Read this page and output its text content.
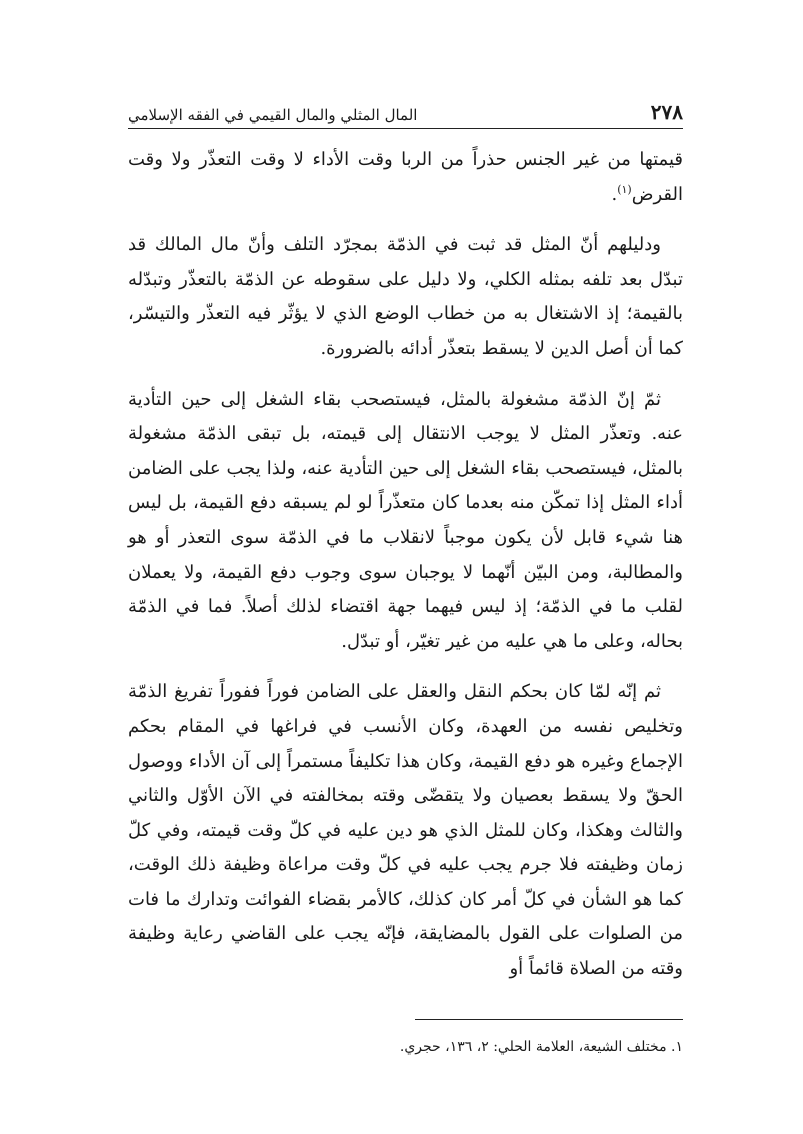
٢٧٨
المال المثلي والمال القيمي في الفقه الإسلامي

قيمتها من غير الجنس حذراً من الربا وقت الأداء لا وقت التعذّر ولا وقت القرض$^{(١)}$.

ودليلهم أنّ المثل قد ثبت في الذمّة بمجرّد التلف وأنّ مال المالك قد تبدّل بعد تلفه بمثله الكلي، ولا دليل على سقوطه عن الذمّة بالتعذّر وتبدّله بالقيمة؛ إذ الاشتغال به من خطاب الوضع الذي لا يؤثّر فيه التعذّر والتيسّر، كما أن أصل الدين لا يسقط بتعذّر أدائه بالضرورة.

ثمّ إنّ الذمّة مشغولة بالمثل، فيستصحب بقاء الشغل إلى حين التأدية عنه. وتعذّر المثل لا يوجب الانتقال إلى قيمته، بل تبقى الذمّة مشغولة بالمثل، فيستصحب بقاء الشغل إلى حين التأدية عنه، ولذا يجب على الضامن أداء المثل إذا تمكّن منه بعدما كان متعذّراً لو لم يسبقه دفع القيمة، بل ليس هنا شيء قابل لأن يكون موجباً لانقلاب ما في الذمّة سوى التعذر أو هو والمطالبة، ومن البيّن أنّهما لا يوجبان سوى وجوب دفع القيمة، ولا يعملان لقلب ما في الذمّة؛ إذ ليس فيهما جهة اقتضاء لذلك أصلاً. فما في الذمّة بحاله، وعلى ما هي عليه من غير تغيّر، أو تبدّل.

ثم إنّه لمّا كان بحكم النقل والعقل على الضامن فوراً ففوراً تفريغ الذمّة وتخليص نفسه من العهدة، وكان الأنسب في فراغها في المقام بحكم الإجماع وغيره هو دفع القيمة، وكان هذا تكليفاً مستمراً إلى آن الأداء ووصول الحقّ ولا يسقط بعصيان ولا يتقضّى وقته بمخالفته في الآن الأوّل والثاني والثالث وهكذا، وكان للمثل الذي هو دين عليه في كلّ وقت قيمته، وفي كلّ زمان وظيفته فلا جرم يجب عليه في كلّ وقت مراعاة وظيفة ذلك الوقت، كما هو الشأن في كلّ أمر كان كذلك، كالأمر بقضاء الفوائت وتدارك ما فات من الصلوات على القول بالمضايقة، فإنّه يجب على القاضي رعاية وظيفة وقته من الصلاة قائماً أو

١. مختلف الشيعة، العلامة الحلي: ٢، ١٣٦، حجري.
